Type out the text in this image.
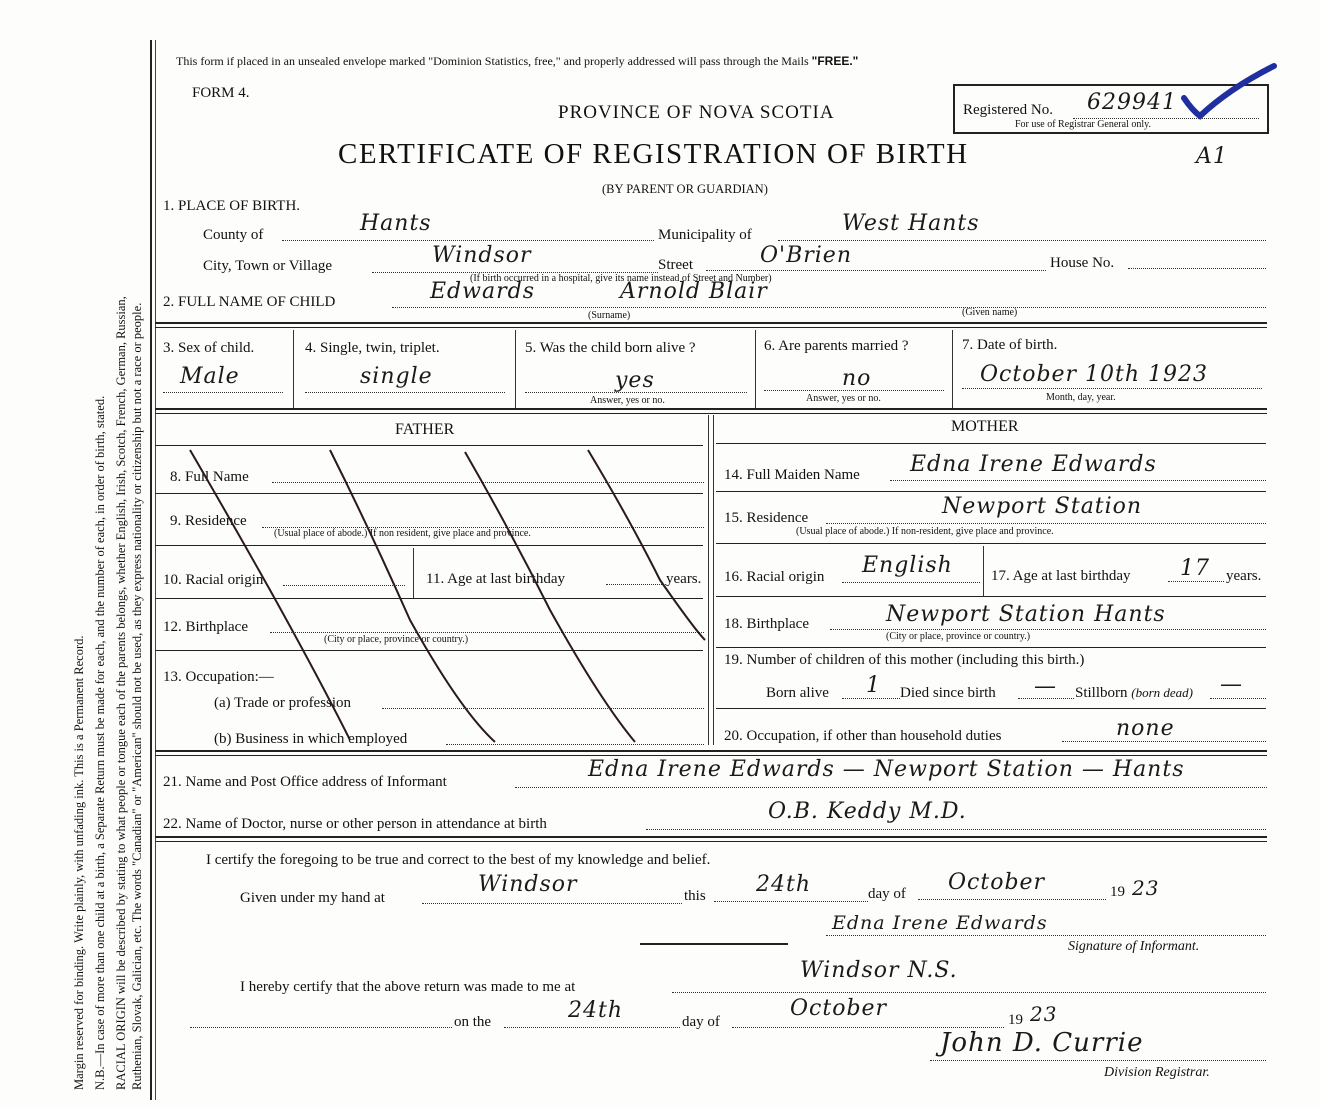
Margin reserved for binding. Write plainly, with unfading ink. This is a Permanent Record. N.B.—In case of more than one child at a birth, a Separate Return must be made for each, and the number of each, in order of birth, stated. RACIAL ORIGIN will be described by stating to what people or tongue each of the parents belongs, whether English, Irish, Scotch, French, German, Russian, Ruthenian, Slovak, Galician, etc. The words "Canadian" or "American" should not be used, as they express nationality or citizenship but not a race or people.
This form if placed in an unsealed envelope marked "Dominion Statistics, free," and properly addressed will pass through the Mails "FREE."
FORM 4.
PROVINCE OF NOVA SCOTIA
CERTIFICATE OF REGISTRATION OF BIRTH
(BY PARENT OR GUARDIAN)
Registered No. 629941
For use of Registrar General only.
A1
1. PLACE OF BIRTH.
County of	Hants	Municipality of	West Hants
City, Town or Village	Windsor	Street	O'Brien	House No.
(If birth occurred in a hospital, give its name instead of Street and Number)
2. FULL NAME OF CHILD	Edwards	Arnold Blair
(Surname)	(Given name)
3. Sex of child.
Male
4. Single, twin, triplet.
single
5. Was the child born alive ?
yes
Answer, yes or no.
6. Are parents married ?
no
Answer, yes or no.
7. Date of birth.
October 10th 1923
Month, day, year.
FATHER
8. Full Name
9. Residence
(Usual place of abode.) If non resident, give place and province.
10. Racial origin	11. Age at last birthday	years.
12. Birthplace
(City or place, province or country.)
13. Occupation:—
(a) Trade or profession
(b) Business in which employed
MOTHER
14. Full Maiden Name Edna Irene Edwards
15. Residence	Newport Station
(Usual place of abode.) If non-resident, give place and province.
16. Racial origin English	17. Age at last birthday 17 years.
18. Birthplace	Newport Station Hants
(City or place, province or country.)
19. Number of children of this mother (including this birth.)
Born alive 1 Died since birth — Stillborn (born dead) —
20. Occupation, if other than household duties	none
21. Name and Post Office address of Informant	Edna Irene Edwards — Newport Station — Hants
22. Name of Doctor, nurse or other person in attendance at birth	O.B. Keddy M.D.
I certify the foregoing to be true and correct to the best of my knowledge and belief.
Given under my hand at
Windsor	this 24th	day of October	19 23
Edna Irene Edwards
Signature of Informant.
I hereby certify that the above return was made to me at
Windsor N.S.
on the	24th	day of
October	19 23
John D. Currie
Division Registrar.
